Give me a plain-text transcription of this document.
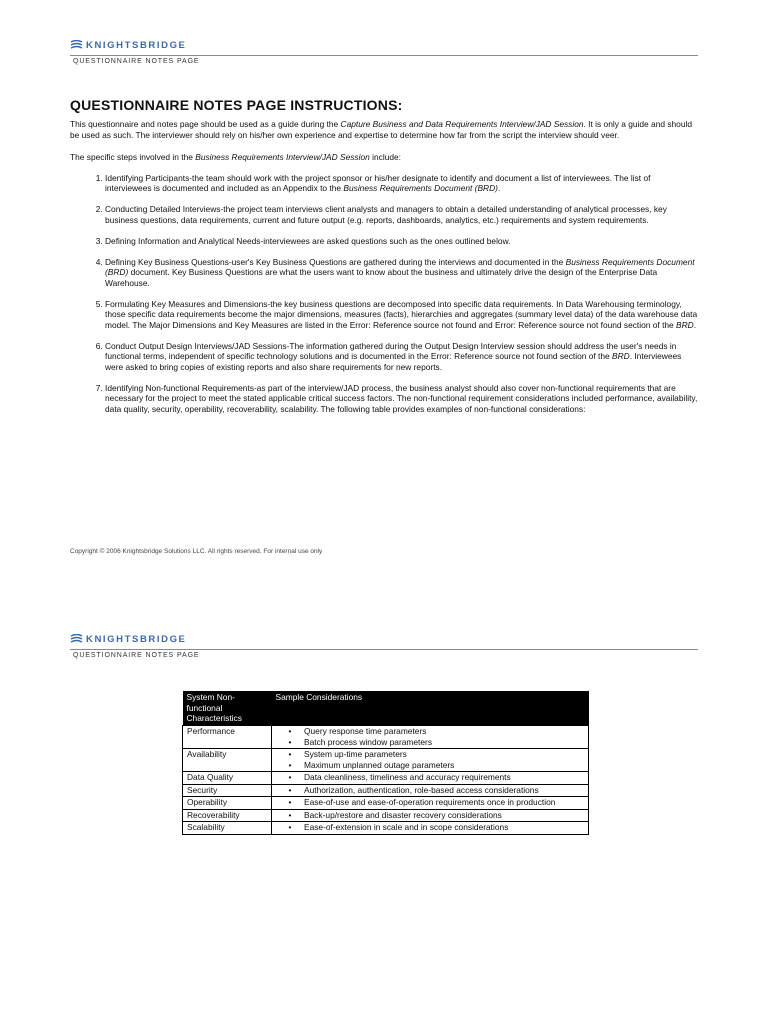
KNIGHTSBRIDGE
QUESTIONNAIRE NOTES PAGE
QUESTIONNAIRE NOTES PAGE INSTRUCTIONS:

This questionnaire and notes page should be used as a guide during the Capture Business and Data Requirements Interview/JAD Session. It is only a guide and should be used as such. The interviewer should rely on his/her own experience and expertise to determine how far from the script the interview should veer.

The specific steps involved in the Business Requirements Interview/JAD Session include:

1. Identifying Participants-the team should work with the project sponsor or his/her designate to identify and document a list of interviewees. The list of interviewees is documented and included as an Appendix to the Business Requirements Document (BRD).
2. Conducting Detailed Interviews-the project team interviews client analysts and managers to obtain a detailed understanding of analytical processes, key business questions, data requirements, current and future output (e.g. reports, dashboards, analytics, etc.) requirements and system requirements.
3. Defining Information and Analytical Needs-interviewees are asked questions such as the ones outlined below.
4. Defining Key Business Questions-user's Key Business Questions are gathered during the interviews and documented in the Business Requirements Document (BRD) document. Key Business Questions are what the users want to know about the business and ultimately drive the design of the Enterprise Data Warehouse.
5. Formulating Key Measures and Dimensions-the key business questions are decomposed into specific data requirements. In Data Warehousing terminology, those specific data requirements become the major dimensions, measures (facts), hierarchies and aggregates (summary level data) of the data warehouse data model. The Major Dimensions and Key Measures are listed in the Error: Reference source not found and Error: Reference source not found section of the BRD.
6. Conduct Output Design Interviews/JAD Sessions-The information gathered during the Output Design Interview session should address the user's needs in functional terms, independent of specific technology solutions and is documented in the Error: Reference source not found section of the BRD. Interviewees were asked to bring copies of existing reports and also share requirements for new reports.
7. Identifying Non-functional Requirements-as part of the interview/JAD process, the business analyst should also cover non-functional requirements that are necessary for the project to meet the stated applicable critical success factors. The non-functional requirement considerations included performance, availability, data quality, security, operability, recoverability, scalability. The following table provides examples of non-functional considerations:
Copyright © 2006 Knightsbridge Solutions LLC. All rights reserved. For internal use only
KNIGHTSBRIDGE
QUESTIONNAIRE NOTES PAGE
System Non-functional Characteristics	Sample Considerations
Performance	• Query response time parameters
• Batch process window parameters

Availability	• System up-time parameters
• Maximum unplanned outage parameters

Data Quality	• Data cleanliness, timeliness and accuracy requirements

Security	• Authorization, authentication, role-based access considerations

Operability	• Ease-of-use and ease-of-operation requirements once in production

Recoverability	• Back-up/restore and disaster recovery considerations

Scalability	• Ease-of-extension in scale and in scope considerations
